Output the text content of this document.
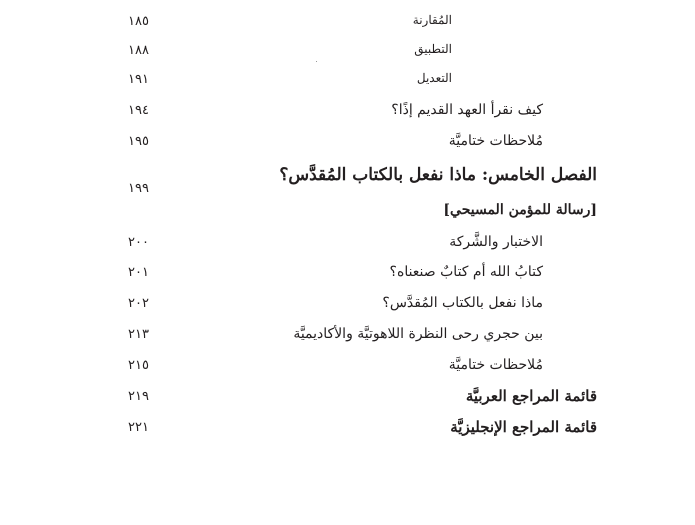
المُقارنة
١٨٥
التطبيق
١٨٨
التعديل
١٩١
كيف نقرأ العهد القديم إذًا؟
١٩٤
مُلاحظات ختاميَّة
١٩٥
الفصل الخامس: ماذا نفعل بالكتاب المُقدَّس؟
١٩٩
[رسالة للمؤمن المسيحي]
الاختبار والشَّركة
٢٠٠
كتابُ الله أم كتابٌ صنعناه؟
٢٠١
ماذا نفعل بالكتاب المُقدَّس؟
٢٠٢
بين حجري رحى النظرة اللاهوتيَّة والأكاديميَّة
٢١٣
مُلاحظات ختاميَّة
٢١٥
قائمة المراجع العربيَّة
٢١٩
قائمة المراجع الإنجليزيَّة
٢٢١
